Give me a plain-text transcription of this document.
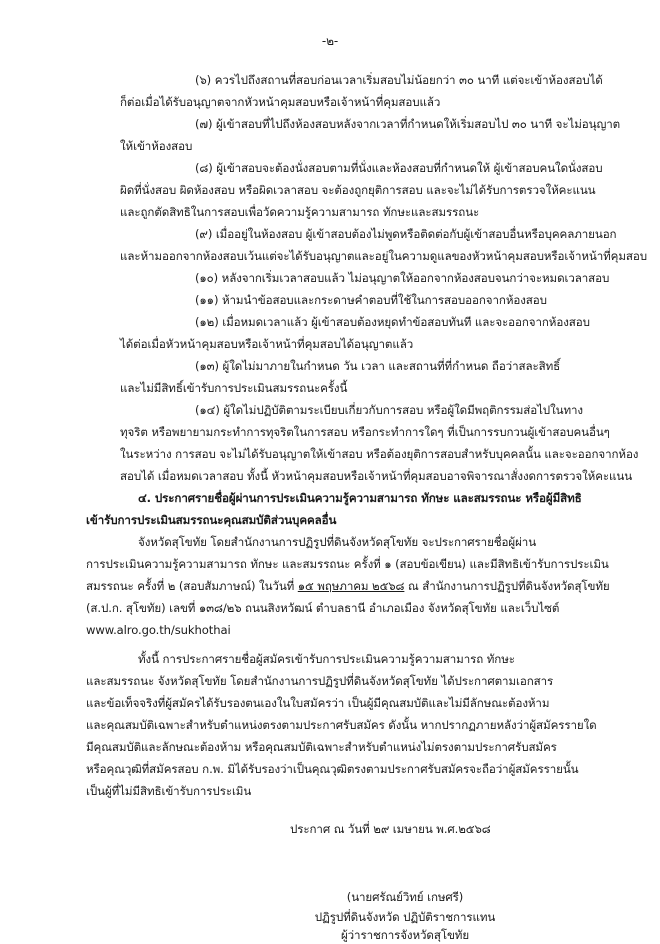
-๒-
(๖) ควรไปถึงสถานที่สอบก่อนเวลาเริ่มสอบไม่น้อยกว่า ๓๐ นาที แต่จะเข้าห้องสอบได้
ก็ต่อเมื่อได้รับอนุญาตจากหัวหน้าคุมสอบหรือเจ้าหน้าที่คุมสอบแล้ว
(๗) ผู้เข้าสอบที่ไปถึงห้องสอบหลังจากเวลาที่กำหนดให้เริ่มสอบไป ๓๐ นาที จะไม่อนุญาต
ให้เข้าห้องสอบ
(๘) ผู้เข้าสอบจะต้องนั่งสอบตามที่นั่งและห้องสอบที่กำหนดให้ ผู้เข้าสอบคนใดนั่งสอบ
ผิดที่นั่งสอบ ผิดห้องสอบ หรือผิดเวลาสอบ จะต้องถูกยุติการสอบ และจะไม่ได้รับการตรวจให้คะแนน
และถูกตัดสิทธิในการสอบเพื่อวัดความรู้ความสามารถ ทักษะและสมรรถนะ
(๙) เมื่ออยู่ในห้องสอบ ผู้เข้าสอบต้องไม่พูดหรือติดต่อกับผู้เข้าสอบอื่นหรือบุคคลภายนอก
และห้ามออกจากห้องสอบเว้นแต่จะได้รับอนุญาตและอยู่ในความดูแลของหัวหน้าคุมสอบหรือเจ้าหน้าที่คุมสอบ
(๑๐) หลังจากเริ่มเวลาสอบแล้ว ไม่อนุญาตให้ออกจากห้องสอบจนกว่าจะหมดเวลาสอบ
(๑๑) ห้ามนำข้อสอบและกระดาษคำตอบที่ใช้ในการสอบออกจากห้องสอบ
(๑๒) เมื่อหมดเวลาแล้ว ผู้เข้าสอบต้องหยุดทำข้อสอบทันที และจะออกจากห้องสอบ
ได้ต่อเมื่อหัวหน้าคุมสอบหรือเจ้าหน้าที่คุมสอบได้อนุญาตแล้ว
(๑๓) ผู้ใดไม่มาภายในกำหนด วัน เวลา และสถานที่ที่กำหนด ถือว่าสละสิทธิ์
และไม่มีสิทธิ์เข้ารับการประเมินสมรรถนะครั้งนี้
(๑๔) ผู้ใดไม่ปฏิบัติตามระเบียบเกี่ยวกับการสอบ หรือผู้ใดมีพฤติกรรมส่อไปในทาง
ทุจริต หรือพยายามกระทำการทุจริตในการสอบ หรือกระทำการใดๆ ที่เป็นการรบกวนผู้เข้าสอบคนอื่นๆ
ในระหว่าง การสอบ จะไม่ได้รับอนุญาตให้เข้าสอบ หรือต้องยุติการสอบสำหรับบุคคลนั้น และจะออกจากห้อง
สอบได้ เมื่อหมดเวลาสอบ ทั้งนี้ หัวหน้าคุมสอบหรือเจ้าหน้าที่คุมสอบอาจพิจารณาสั่งงดการตรวจให้คะแนน
๔. ประกาศรายชื่อผู้ผ่านการประเมินความรู้ความสามารถ ทักษะ และสมรรถนะ หรือผู้มีสิทธิ
เข้ารับการประเมินสมรรถนะคุณสมบัติส่วนบุคคลอื่น
จังหวัดสุโขทัย โดยสำนักงานการปฏิรูปที่ดินจังหวัดสุโขทัย จะประกาศรายชื่อผู้ผ่าน
การประเมินความรู้ความสามารถ ทักษะ และสมรรถนะ ครั้งที่ ๑ (สอบข้อเขียน) และมีสิทธิเข้ารับการประเมิน
สมรรถนะ ครั้งที่ ๒ (สอบสัมภาษณ์) ในวันที่ ๑๕ พฤษภาคม ๒๕๖๘ ณ สำนักงานการปฏิรูปที่ดินจังหวัดสุโขทัย
(ส.ป.ก. สุโขทัย) เลขที่ ๑๓๘/๒๖ ถนนสิงหวัฒน์ ตำบลธานี อำเภอเมือง จังหวัดสุโขทัย และเว็บไซต์
www.alro.go.th/sukhothai
ทั้งนี้ การประกาศรายชื่อผู้สมัครเข้ารับการประเมินความรู้ความสามารถ ทักษะ
และสมรรถนะ จังหวัดสุโขทัย โดยสำนักงานการปฏิรูปที่ดินจังหวัดสุโขทัย ได้ประกาศตามเอกสาร
และข้อเท็จจริงที่ผู้สมัครได้รับรองตนเองในใบสมัครว่า เป็นผู้มีคุณสมบัติและไม่มีลักษณะต้องห้าม
และคุณสมบัติเฉพาะสำหรับตำแหน่งตรงตามประกาศรับสมัคร ดังนั้น หากปรากฏภายหลังว่าผู้สมัครรายใด
มีคุณสมบัติและลักษณะต้องห้าม หรือคุณสมบัติเฉพาะสำหรับตำแหน่งไม่ตรงตามประกาศรับสมัคร
หรือคุณวุฒิที่สมัครสอบ ก.พ. มิได้รับรองว่าเป็นคุณวุฒิตรงตามประกาศรับสมัครจะถือว่าผู้สมัครรายนั้น
เป็นผู้ที่ไม่มีสิทธิเข้ารับการประเมิน
ประกาศ ณ วันที่ ๒๙ เมษายน พ.ศ.๒๕๖๘
(นายศรัณย์วิทย์ เกษศรี)
ปฏิรูปที่ดินจังหวัด ปฏิบัติราชการแทน
ผู้ว่าราชการจังหวัดสุโขทัย
